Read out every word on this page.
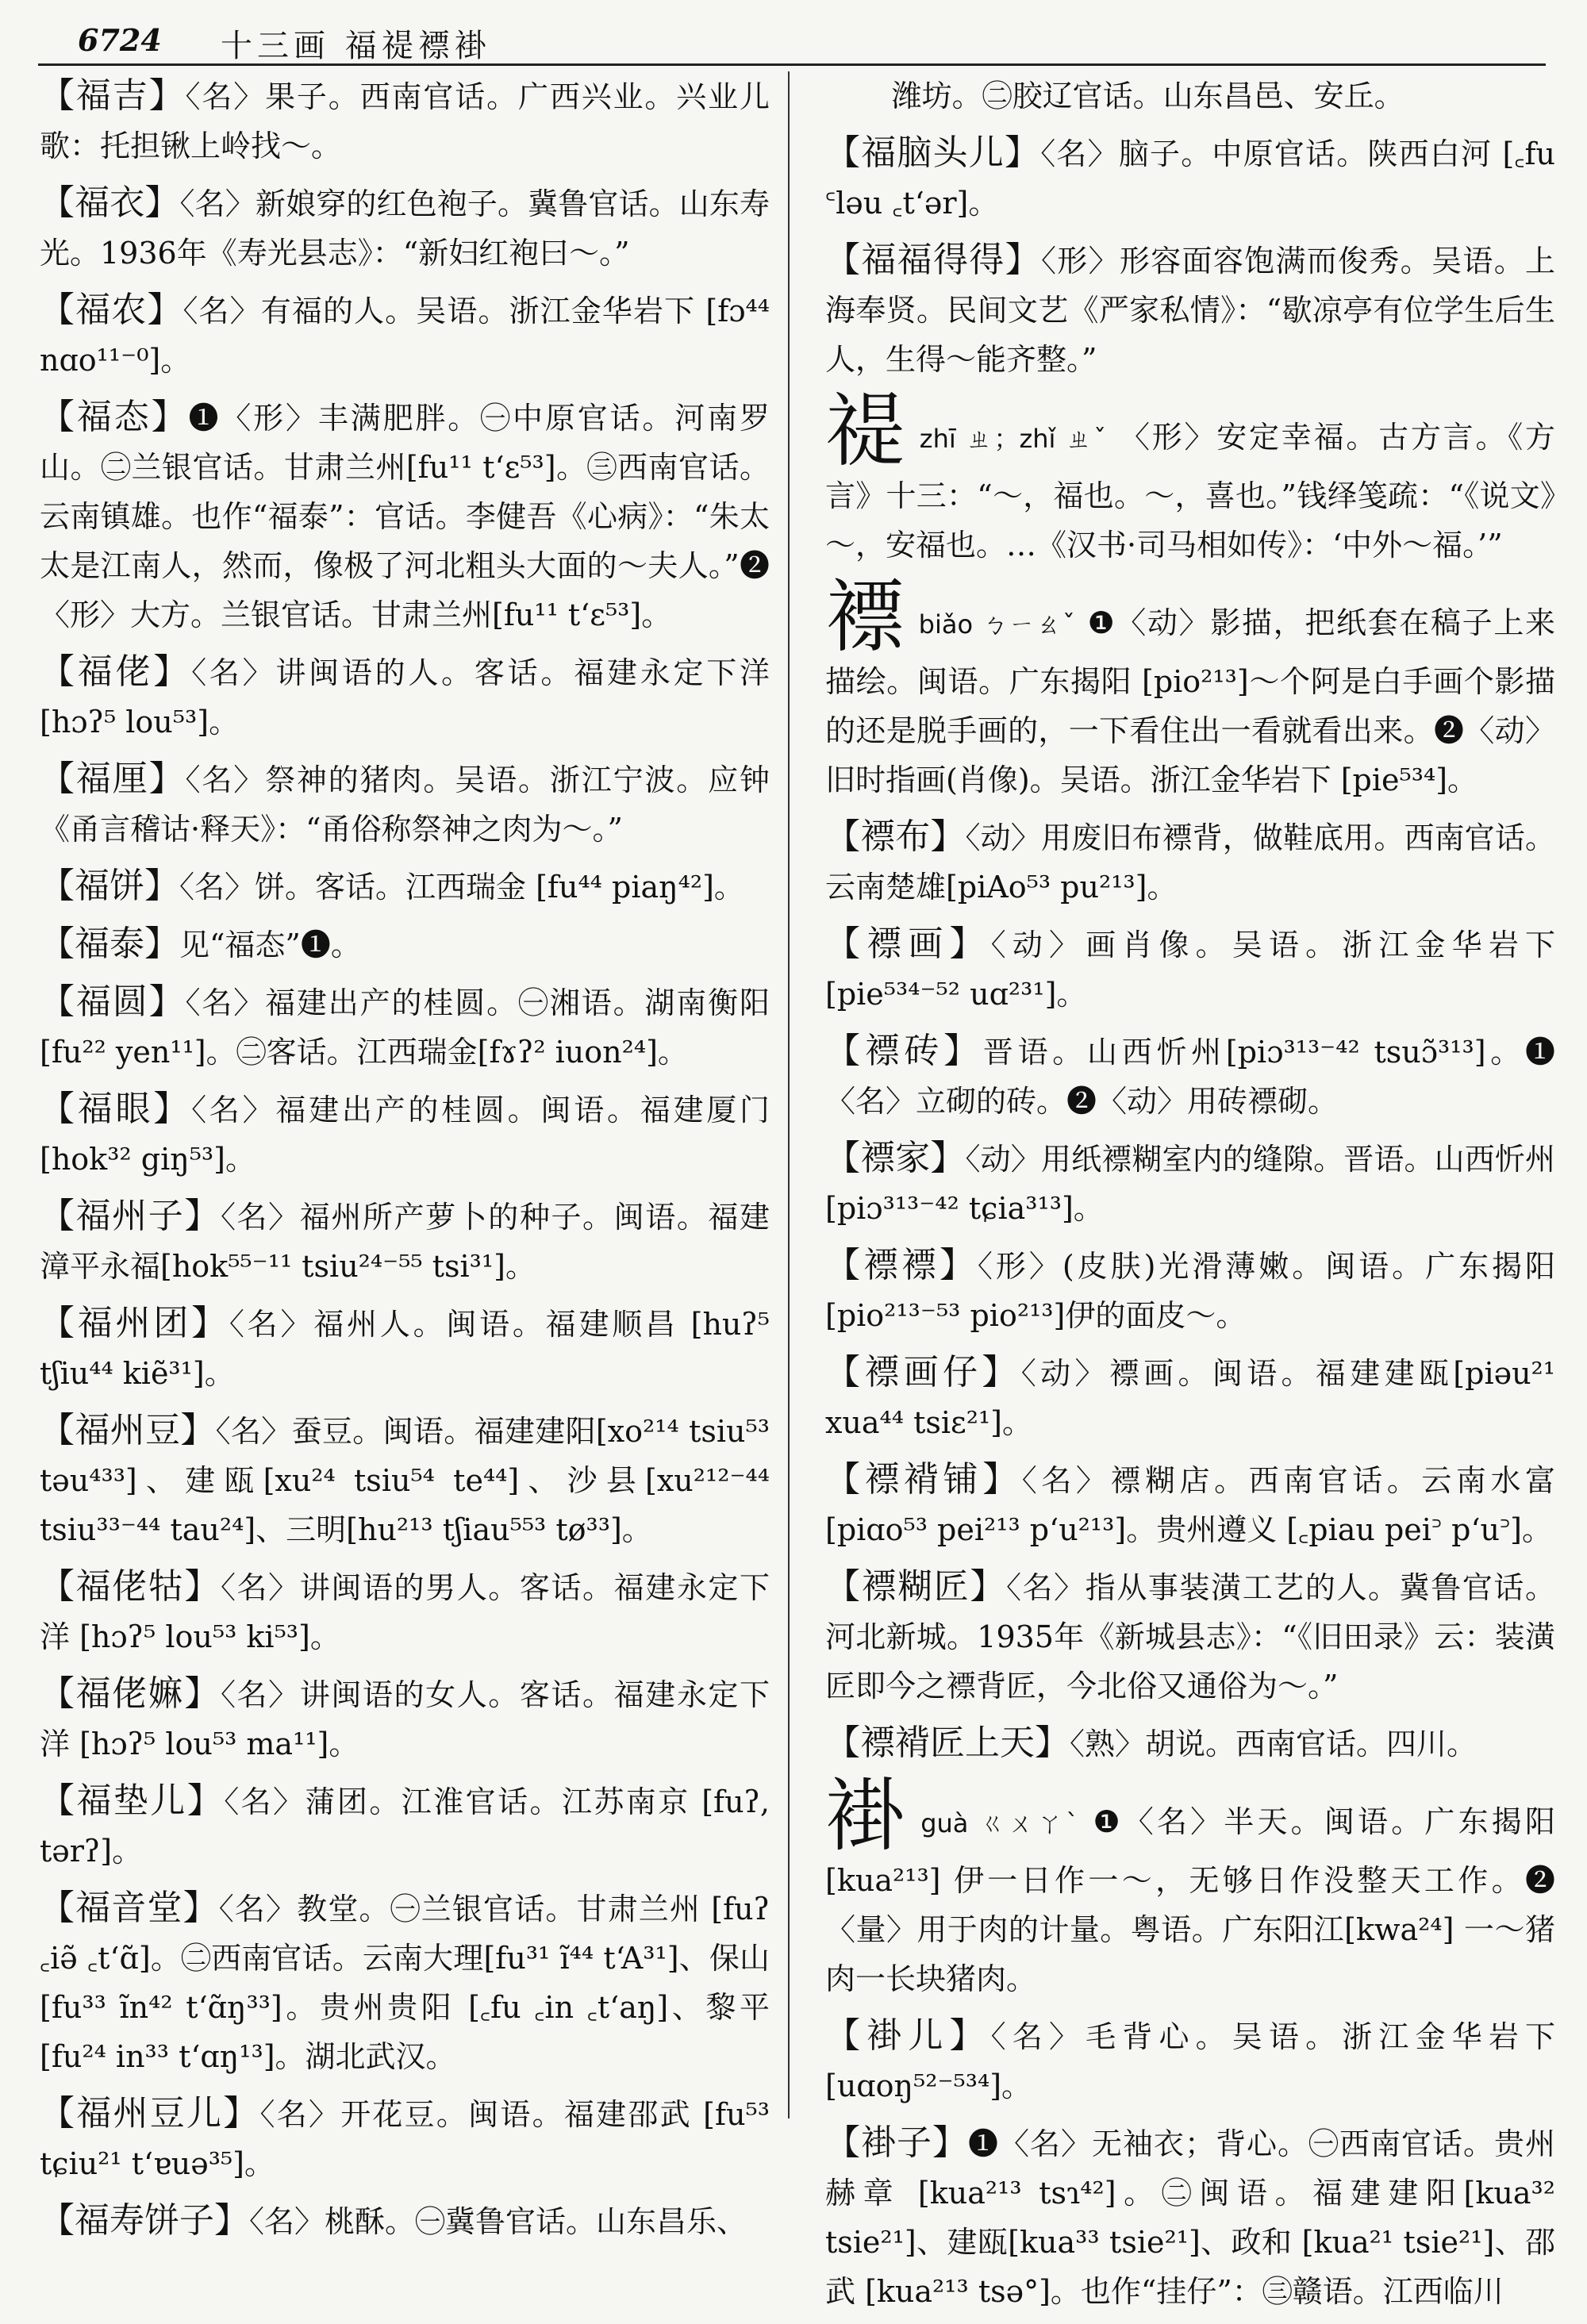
6724 十三画 福禔褾褂
【 福吉 】 〈名〉果子。西南官话。广西兴业。兴业儿歌：托担锹上岭找～。
【 福衣 】 〈名〉新娘穿的红色袍子。冀鲁官话。山东寿光。1936年《寿光县志》：“新妇红袍曰～。”
【 福农 】 〈名〉有福的人。吴语。浙江金华岩下 [fɔ⁴⁴ nɑo¹¹⁻⁰]。
【 福态 】 ❶〈形〉丰满肥胖。㊀中原官话。河南罗山。㊁兰银官话。甘肃兰州[fu¹¹ tʻɛ⁵³]。㊂西南官话。云南镇雄。也作“福泰”：官话。李健吾《心病》：“朱太太是江南人，然而，像极了河北粗头大面的～夫人。”❷〈形〉大方。兰银官话。甘肃兰州[fu¹¹ tʻɛ⁵³]。
【 福佬 】 〈名〉讲闽语的人。客话。福建永定下洋 [hɔʔ⁵ lou⁵³]。
【 福厘 】 〈名〉祭神的猪肉。吴语。浙江宁波。应钟《甬言稽诂·释天》：“甬俗称祭神之肉为～。”
【 福饼 】 〈名〉饼。客话。江西瑞金 [fu⁴⁴ piaŋ⁴²]。
【 福泰 】 见“福态”❶。
【 福圆 】 〈名〉福建出产的桂圆。㊀湘语。湖南衡阳 [fu²² yen¹¹]。㊁客话。江西瑞金[fɤʔ² iuon²⁴]。
【 福眼 】 〈名〉福建出产的桂圆。闽语。福建厦门[hok³² giŋ⁵³]。
【 福州子 】 〈名〉福州所产萝卜的种子。闽语。福建漳平永福[hok⁵⁵⁻¹¹ tsiu²⁴⁻⁵⁵ tsi³¹]。
【 福州团 】 〈名〉福州人。闽语。福建顺昌 [huʔ⁵ tʃiu⁴⁴ kiẽ³¹]。
【 福州豆 】 〈名〉蚕豆。闽语。福建建阳[xo²¹⁴ tsiu⁵³ təu⁴³³]、建瓯[xu²⁴ tsiu⁵⁴ te⁴⁴]、沙县[xu²¹²⁻⁴⁴ tsiu³³⁻⁴⁴ tau²⁴]、三明[hu²¹³ tʃiau⁵⁵³ tø³³]。
【 福佬牯 】 〈名〉讲闽语的男人。客话。福建永定下洋 [hɔʔ⁵ lou⁵³ ki⁵³]。
【 福佬嫲 】 〈名〉讲闽语的女人。客话。福建永定下洋 [hɔʔ⁵ lou⁵³ ma¹¹]。
【 福垫儿 】 〈名〉蒲团。江淮官话。江苏南京 [fuʔ, tərʔ]。
【 福音堂 】 〈名〉教堂。㊀兰银官话。甘肃兰州 [fuʔ ꜀iə̃ ꜀tʻɑ̃]。㊁西南官话。云南大理[fu³¹ ĩ⁴⁴ tʻA³¹]、保山[fu³³ ĩn⁴² tʻɑ̃ŋ³³]。贵州贵阳 [꜀fu ꜀in ꜀tʻaŋ]、黎平[fu²⁴ in³³ tʻɑŋ¹³]。湖北武汉。
【 福州豆儿 】 〈名〉开花豆。闽语。福建邵武 [fu⁵³ tɕiu²¹ tʻɐuə³⁵]。
【 福寿饼子 】 〈名〉桃酥。㊀冀鲁官话。山东昌乐、
潍坊。㊁胶辽官话。山东昌邑、安丘。
【 福脑头儿 】 〈名〉脑子。中原官话。陕西白河 [꜀fu ꜂ləu ꜀tʻər]。
【 福福得得 】 〈形〉形容面容饱满而俊秀。吴语。上海奉贤。民间文艺《严家私情》：“歇凉亭有位学生后生人，生得～能齐整。”
禔zhī ㄓ；zhǐ ㄓˇ 〈形〉安定幸福。古方言。《方言》十三：“～，福也。～，喜也。”钱绎笺疏：“《说文》～，安福也。…《汉书·司马相如传》：‘中外～福。’”
褾biǎo ㄅㄧㄠˇ ❶〈动〉影描，把纸套在稿子上来描绘。闽语。广东揭阳 [pio²¹³]～个阿是白手画个影描的还是脱手画的，一下看住出一看就看出来。❷〈动〉旧时指画(肖像)。吴语。浙江金华岩下 [pie⁵³⁴]。
【 褾布 】 〈动〉用废旧布褾背，做鞋底用。西南官话。云南楚雄[piAo⁵³ pu²¹³]。
【 褾画 】 〈动〉画肖像。吴语。浙江金华岩下 [pie⁵³⁴⁻⁵² uɑ²³¹]。
【 褾砖 】 晋语。山西忻州[piɔ³¹³⁻⁴² tsuɔ̃³¹³]。❶〈名〉立砌的砖。❷〈动〉用砖褾砌。
【 褾家 】 〈动〉用纸褾糊室内的缝隙。晋语。山西忻州 [piɔ³¹³⁻⁴² tɕia³¹³]。
【 褾褾 】 〈形〉(皮肤)光滑薄嫩。闽语。广东揭阳 [pio²¹³⁻⁵³ pio²¹³]伊的面皮～。
【 褾画仔 】 〈动〉褾画。闽语。福建建瓯[piəu²¹ xua⁴⁴ tsiɛ²¹]。
【 褾褙铺 】 〈名〉褾糊店。西南官话。云南水富[piɑo⁵³ pei²¹³ pʻu²¹³]。贵州遵义 [꜀piau pei꜄ pʻu꜄]。
【 褾糊匠 】 〈名〉指从事装潢工艺的人。冀鲁官话。河北新城。1935年《新城县志》：“《旧田录》云：装潢匠即今之褾背匠，今北俗又通俗为～。”
【 褾褙匠上天 】 〈熟〉胡说。西南官话。四川。
褂guà ㄍㄨㄚˋ ❶〈名〉半天。闽语。广东揭阳 [kua²¹³] 伊一日作一～，无够日作没整天工作。❷〈量〉用于肉的计量。粤语。广东阳江[kwa²⁴] 一～猪肉一长块猪肉。
【 褂儿 】 〈名〉毛背心。吴语。浙江金华岩下[uɑoŋ⁵²⁻⁵³⁴]。
【 褂子 】 ❶〈名〉无袖衣；背心。㊀西南官话。贵州赫章 [kua²¹³ tsɿ⁴²]。㊁闽语。福建建阳[kua³² tsie²¹]、建瓯[kua³³ tsie²¹]、政和 [kua²¹ tsie²¹]、邵武 [kua²¹³ tsə°]。也作“挂仔”：㊂赣语。江西临川
